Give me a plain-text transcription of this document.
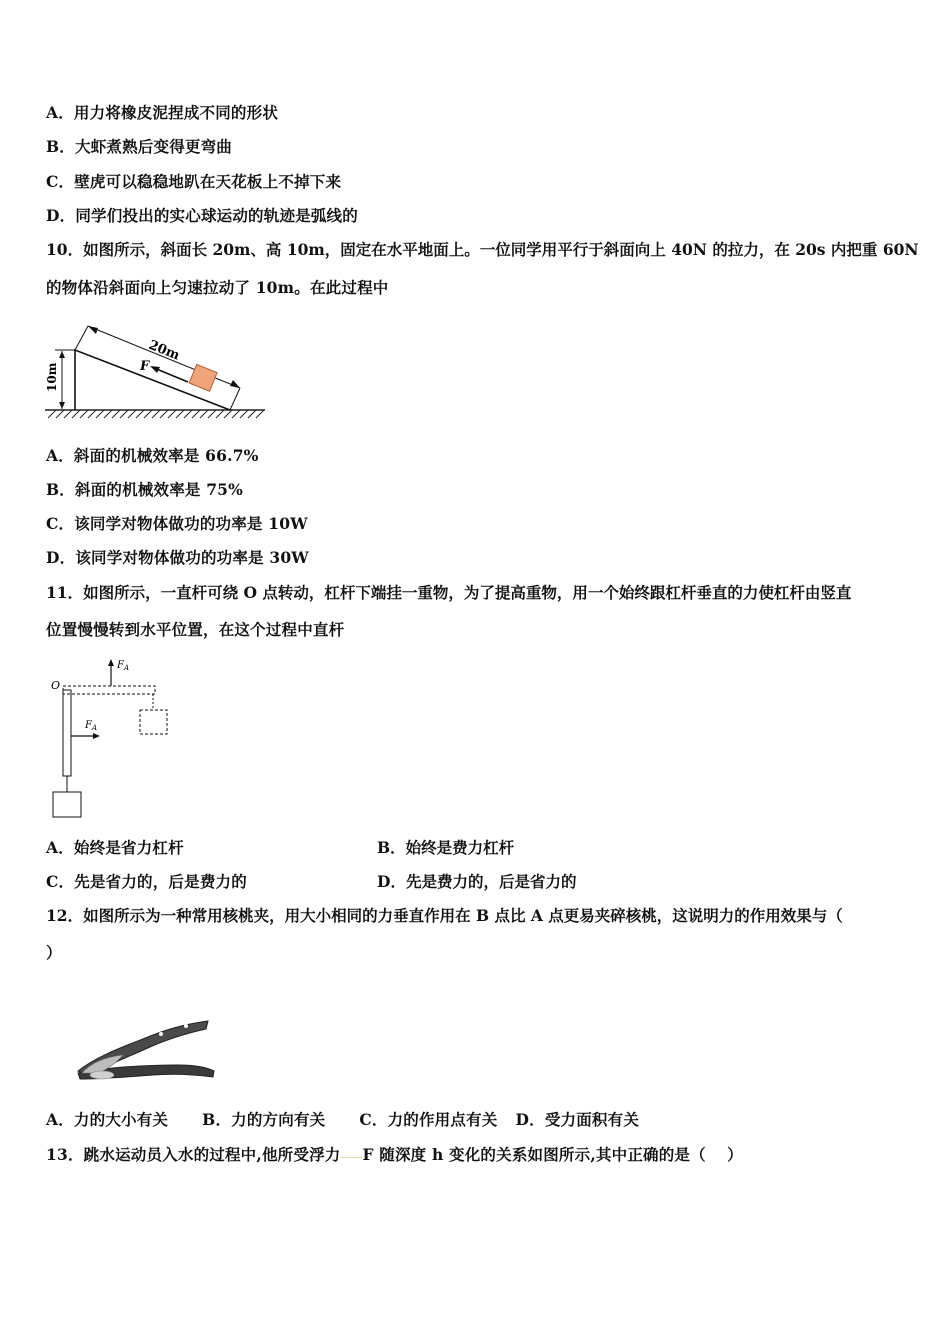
A．用力将橡皮泥捏成不同的形状
B．大虾煮熟后变得更弯曲
C．壁虎可以稳稳地趴在天花板上不掉下来
D．同学们投出的实心球运动的轨迹是弧线的
10．如图所示，斜面长 20m、高 10m，固定在水平地面上。一位同学用平行于斜面向上 40N 的拉力，在 20s 内把重 60N
的物体沿斜面向上匀速拉动了 10m。在此过程中
10m
20m
F
A．斜面的机械效率是 66.7%
B．斜面的机械效率是 75%
C．该同学对物体做功的功率是 10W
D．该同学对物体做功的功率是 30W
11．如图所示，一直杆可绕 O 点转动，杠杆下端挂一重物，为了提高重物，用一个始终跟杠杆垂直的力使杠杆由竖直
位置慢慢转到水平位置，在这个过程中直杆
O
$F_A$
$F_A$
A．始终是省力杠杆	B．始终是费力杠杆
C．先是省力的，后是费力的	D．先是费力的，后是省力的
12．如图所示为一种常用核桃夹，用大小相同的力垂直作用在 B 点比 A 点更易夹碎核桃，这说明力的作用效果与（
）
A．力的大小有关 B．力的方向有关 C．力的作用点有关 D．受力面积有关
13．跳水运动员入水的过程中,他所受浮力 F 随深度 h 变化的关系如图所示,其中正确的是（　 ）
